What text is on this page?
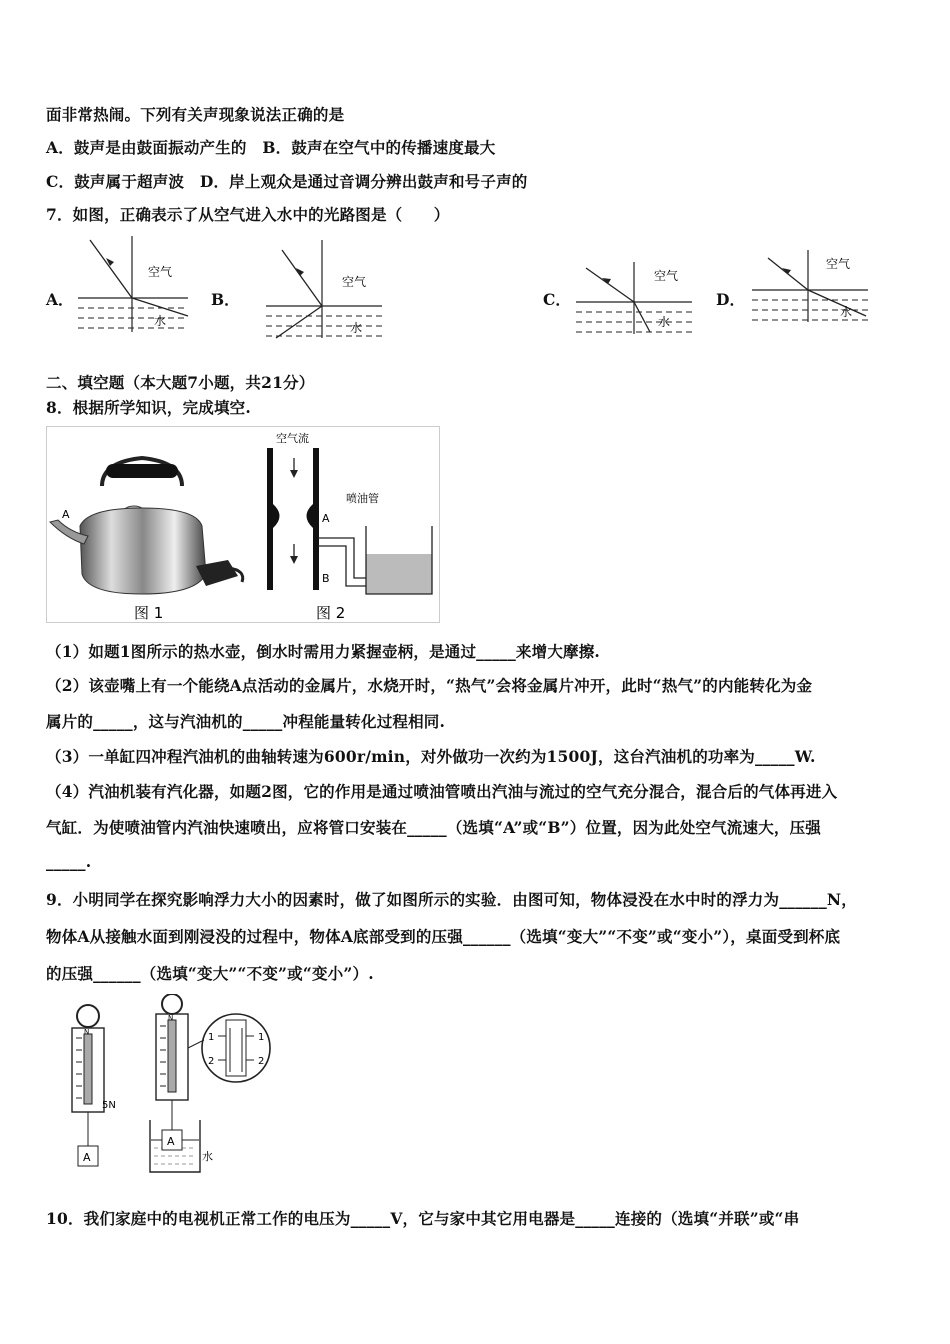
面非常热闹。下列有关声现象说法正确的是
A．鼓声是由鼓面振动产生的　B．鼓声在空气中的传播速度最大
C．鼓声属于超声波　D．岸上观众是通过音调分辨出鼓声和号子声的
7．如图，正确表示了从空气进入水中的光路图是（　　）
A．
空气
水
B．
空气
水
C．
空气
水
D．
空气
水
二、填空题（本大题7小题，共21分）
8．根据所学知识，完成填空.
A
图 1
空气流
A
B
喷油管
图 2
（1）如题1图所示的热水壶，倒水时需用力紧握壶柄，是通过_____来增大摩擦.
（2）该壶嘴上有一个能绕A点活动的金属片，水烧开时，“热气”会将金属片冲开，此时“热气”的内能转化为金
属片的_____，这与汽油机的_____冲程能量转化过程相同.
（3）一单缸四冲程汽油机的曲轴转速为600r/min，对外做功一次约为1500J，这台汽油机的功率为_____W.
（4）汽油机装有汽化器，如题2图，它的作用是通过喷油管喷出汽油与流过的空气充分混合，混合后的气体再进入
气缸．为使喷油管内汽油快速喷出，应将管口安装在_____（选填“A”或“B”）位置，因为此处空气流速大，压强
_____.
9．小明同学在探究影响浮力大小的因素时，做了如图所示的实验．由图可知，物体浸没在水中时的浮力为______N，
物体A从接触水面到刚浸没的过程中，物体A底部受到的压强______（选填“变大”“不变”或“变小”），桌面受到杯底
的压强______（选填“变大”“不变”或“变小”）.
N
5N
A
N
1	1
2	2
A
水
10．我们家庭中的电视机正常工作的电压为_____V，它与家中其它用电器是_____连接的（选填“并联”或“串
